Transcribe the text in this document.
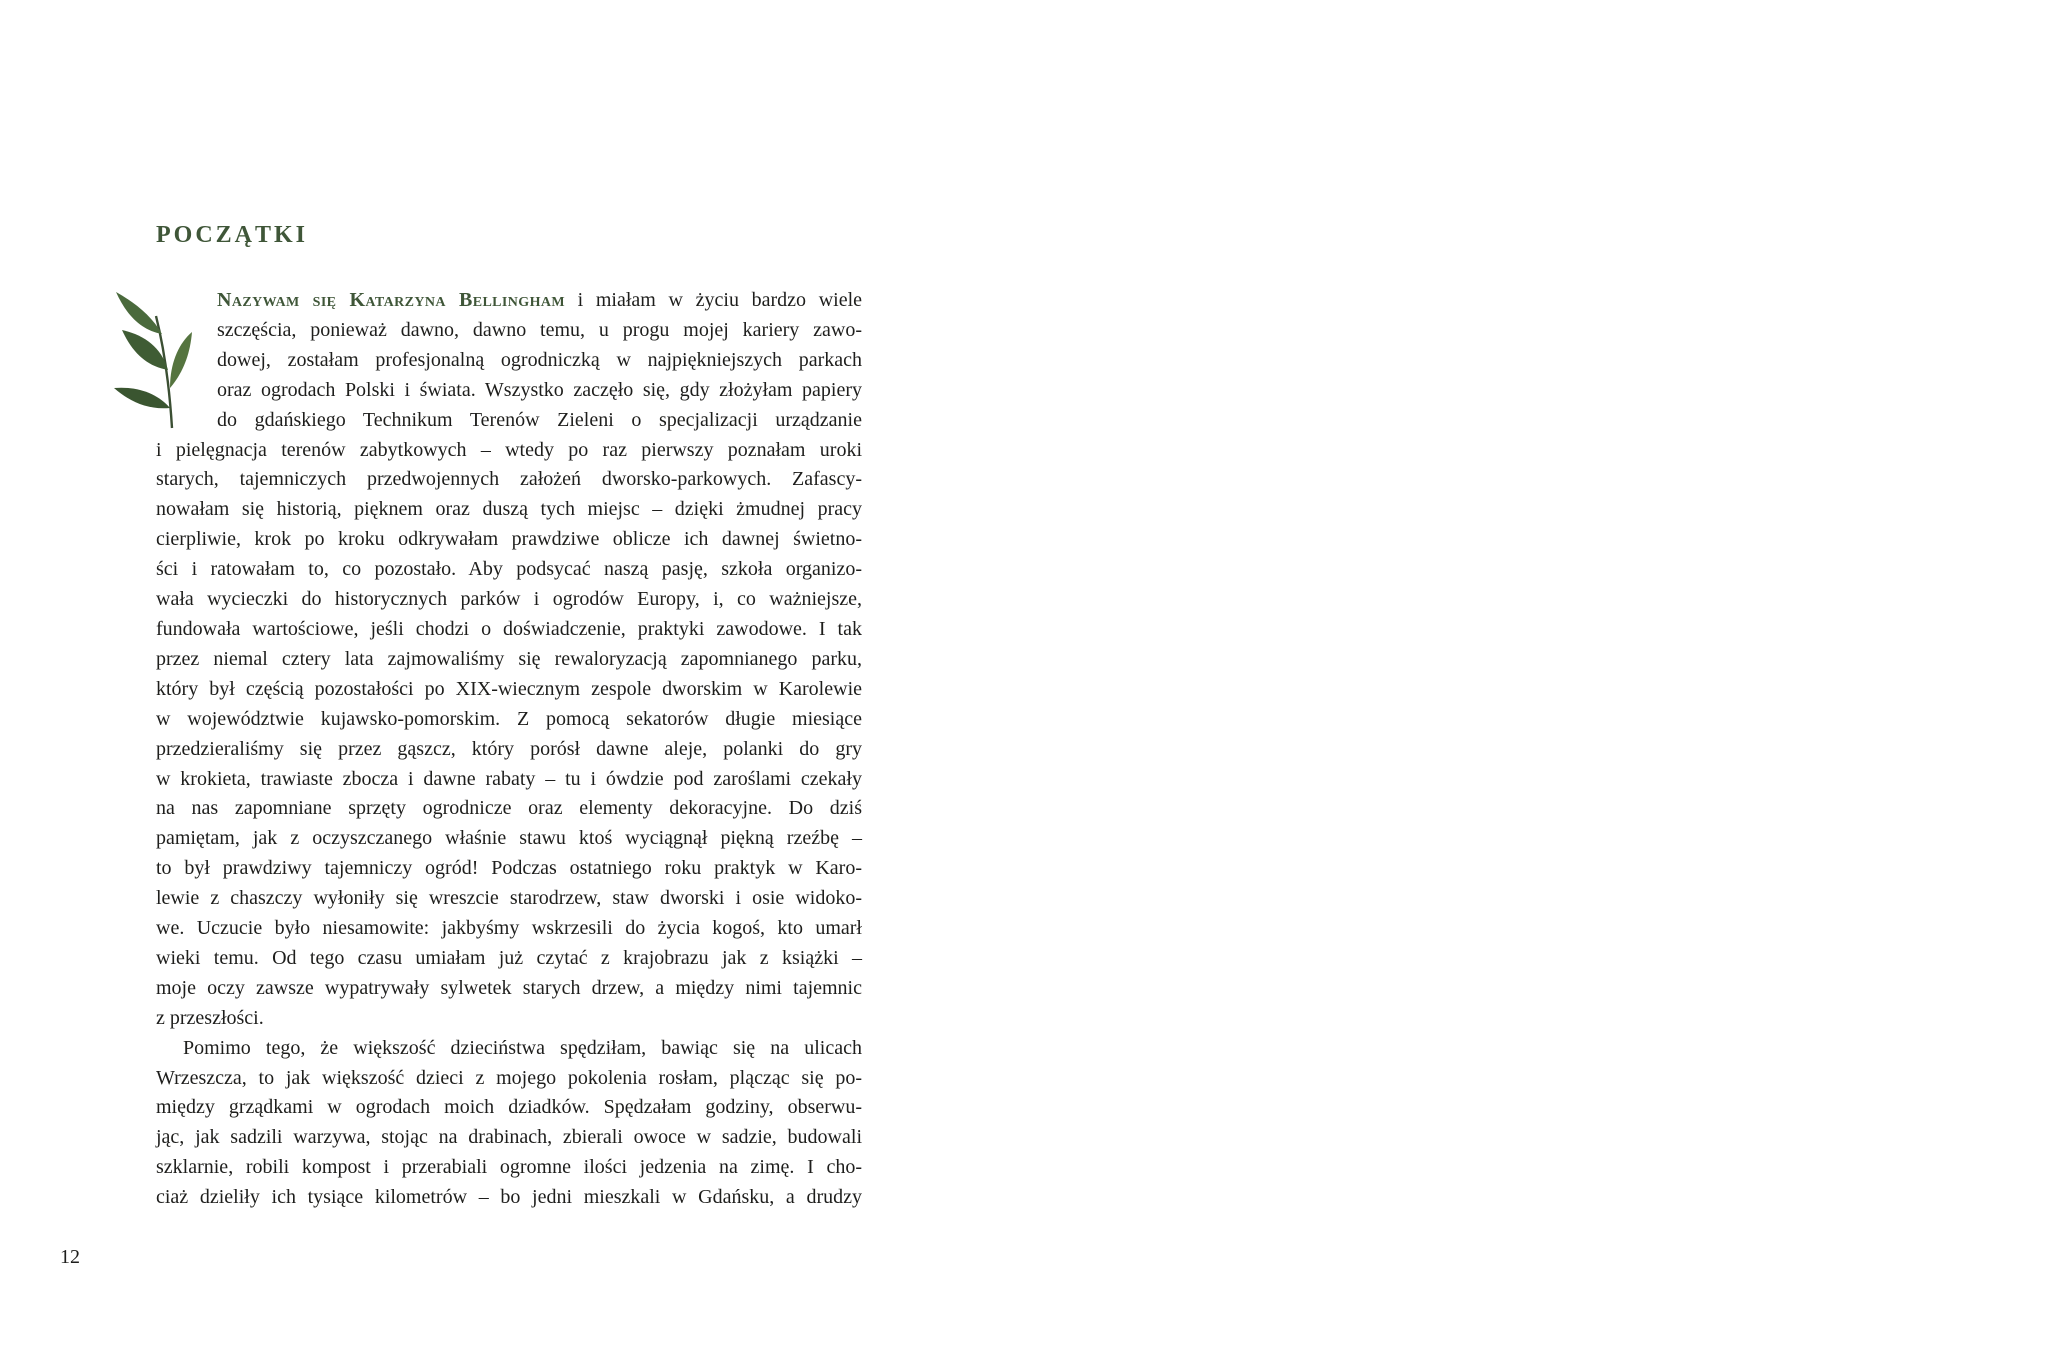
POCZĄTKI
Nazywam się Katarzyna Bellingham i miałam w życiu bardzo wiele
szczęścia, ponieważ dawno, dawno temu, u progu mojej kariery zawo-
dowej, zostałam profesjonalną ogrodniczką w najpiękniejszych parkach
oraz ogrodach Polski i świata. Wszystko zaczęło się, gdy złożyłam papiery
do gdańskiego Technikum Terenów Zieleni o specjalizacji urządzanie
i pielęgnacja terenów zabytkowych – wtedy po raz pierwszy poznałam uroki
starych, tajemniczych przedwojennych założeń dworsko-parkowych. Zafascy-
nowałam się historią, pięknem oraz duszą tych miejsc – dzięki żmudnej pracy
cierpliwie, krok po kroku odkrywałam prawdziwe oblicze ich dawnej świetno-
ści i ratowałam to, co pozostało. Aby podsycać naszą pasję, szkoła organizo-
wała wycieczki do historycznych parków i ogrodów Europy, i, co ważniejsze,
fundowała wartościowe, jeśli chodzi o doświadczenie, praktyki zawodowe. I tak
przez niemal cztery lata zajmowaliśmy się rewaloryzacją zapomnianego parku,
który był częścią pozostałości po XIX-wiecznym zespole dworskim w Karolewie
w województwie kujawsko-pomorskim. Z pomocą sekatorów długie miesiące
przedzieraliśmy się przez gąszcz, który porósł dawne aleje, polanki do gry
w krokieta, trawiaste zbocza i dawne rabaty – tu i ówdzie pod zaroślami czekały
na nas zapomniane sprzęty ogrodnicze oraz elementy dekoracyjne. Do dziś
pamiętam, jak z oczyszczanego właśnie stawu ktoś wyciągnął piękną rzeźbę –
to był prawdziwy tajemniczy ogród! Podczas ostatniego roku praktyk w Karo-
lewie z chaszczy wyłoniły się wreszcie starodrzew, staw dworski i osie widoko-
we. Uczucie było niesamowite: jakbyśmy wskrzesili do życia kogoś, kto umarł
wieki temu. Od tego czasu umiałam już czytać z krajobrazu jak z książki –
moje oczy zawsze wypatrywały sylwetek starych drzew, a między nimi tajemnic
z przeszłości.
Pomimo tego, że większość dzieciństwa spędziłam, bawiąc się na ulicach
Wrzeszcza, to jak większość dzieci z mojego pokolenia rosłam, plącząc się po-
między grządkami w ogrodach moich dziadków. Spędzałam godziny, obserwu-
jąc, jak sadzili warzywa, stojąc na drabinach, zbierali owoce w sadzie, budowali
szklarnie, robili kompost i przerabiali ogromne ilości jedzenia na zimę. I cho-
ciaż dzieliły ich tysiące kilometrów – bo jedni mieszkali w Gdańsku, a drudzy

12
